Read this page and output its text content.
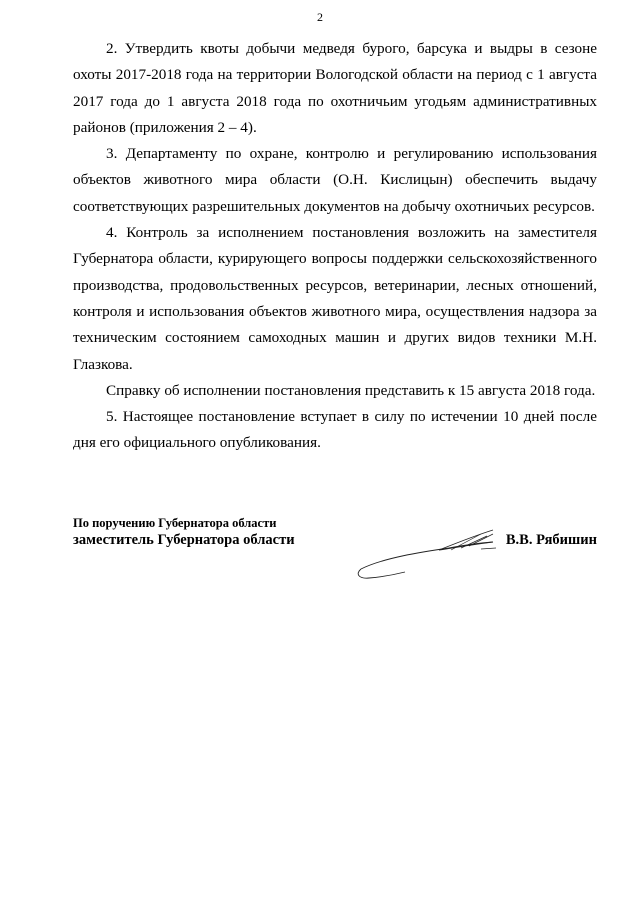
2

2. Утвердить квоты добычи медведя бурого, барсука и выдры в сезоне охоты 2017-2018 года на территории Вологодской области на период с 1 августа 2017 года до 1 августа 2018 года по охотничьим угодьям административных районов (приложения 2 – 4).

3. Департаменту по охране, контролю и регулированию использования объектов животного мира области (О.Н. Кислицын) обеспечить выдачу соответствующих разрешительных документов на добычу охотничьих ресурсов.

4. Контроль за исполнением постановления возложить на заместителя Губернатора области, курирующего вопросы поддержки сельскохозяйственного производства, продовольственных ресурсов, ветеринарии, лесных отношений, контроля и использования объектов животного мира, осуществления надзора за техническим состоянием самоходных машин и других видов техники М.Н. Глазкова.

Справку об исполнении постановления представить к 15 августа 2018 года.

5. Настоящее постановление вступает в силу по истечении 10 дней после дня его официального опубликования.

По поручению Губернатора области
заместитель Губернатора области	В.В. Рябишин
